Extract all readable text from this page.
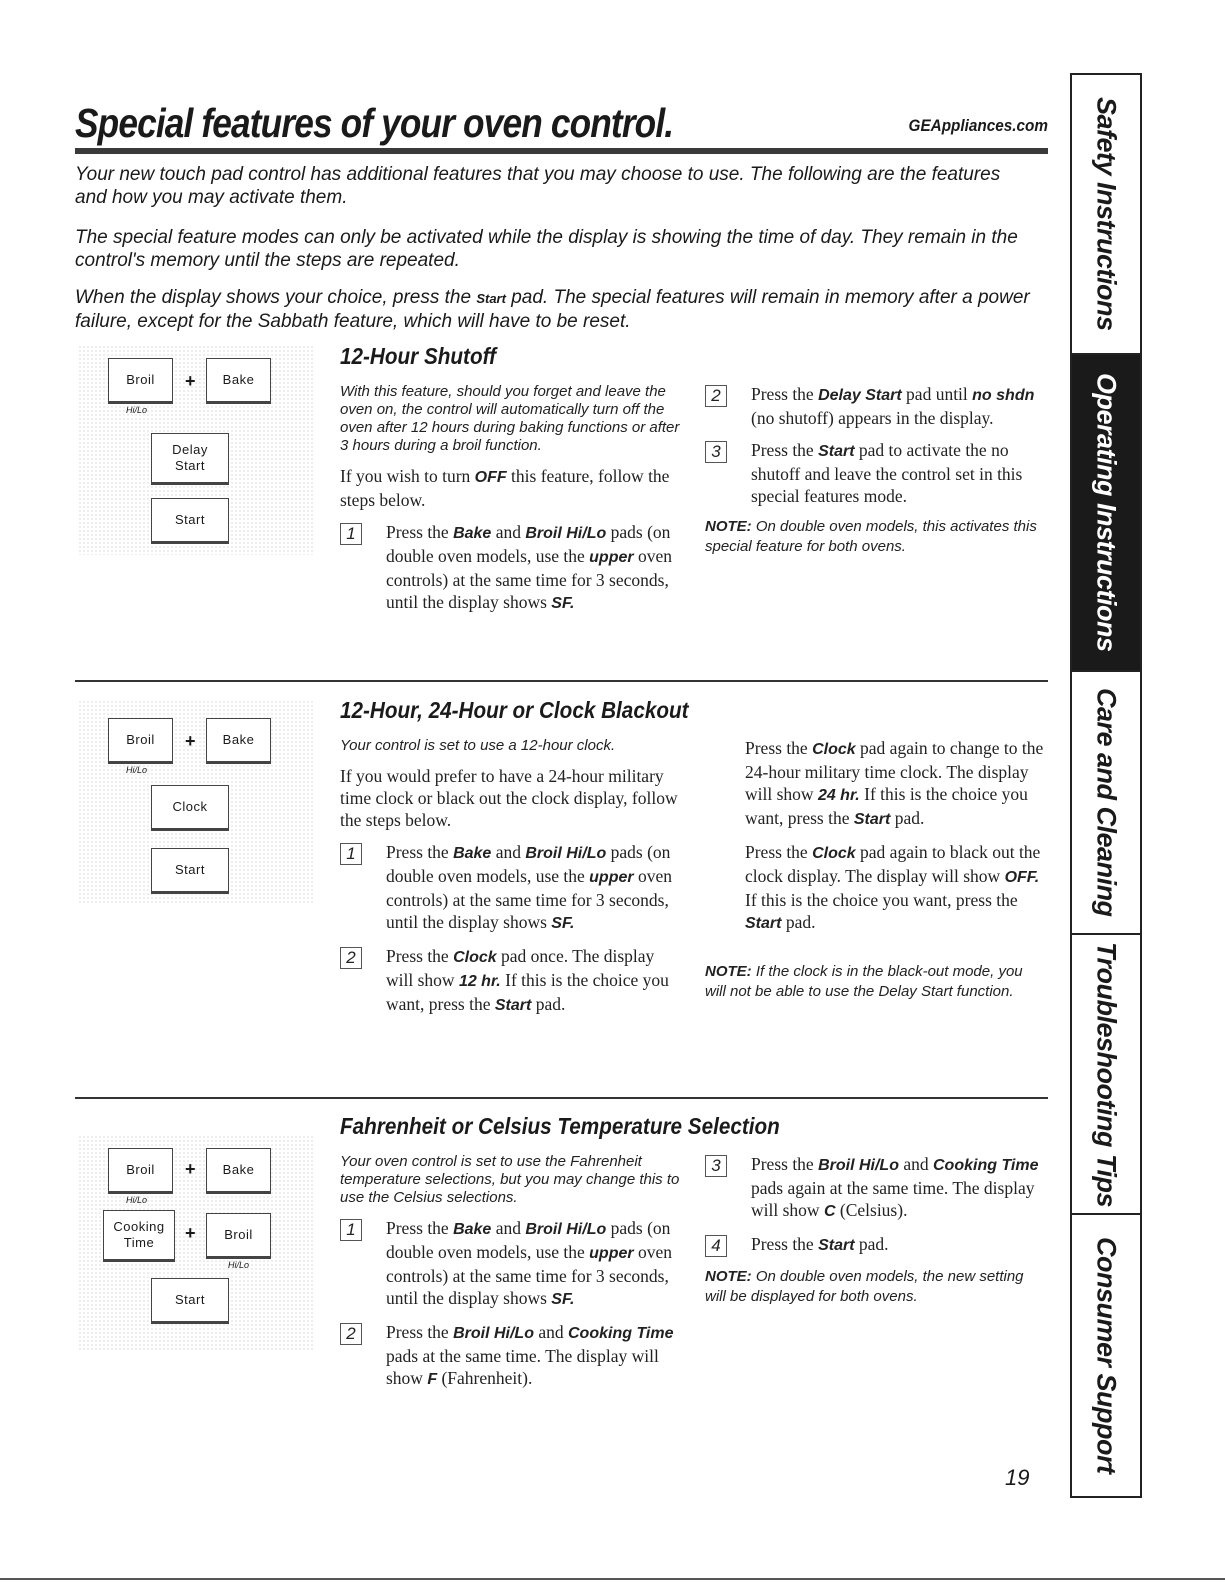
Special features of your oven control.	GEAppliances.com
Your new touch pad control has additional features that you may choose to use. The following are the features and how you may activate them.
The special feature modes can only be activated while the display is showing the time of day. They remain in the control's memory until the steps are repeated.
When the display shows your choice, press the Start pad. The special features will remain in memory after a power failure, except for the Sabbath feature, which will have to be reset.
Broil
Hi/Lo
+ Bake
Delay
Start
Start
12-Hour Shutoff

With this feature, should you forget and leave the oven on, the control will automatically turn off the oven after 12 hours during baking functions or after 3 hours during a broil function.

If you wish to turn OFF this feature, follow the steps below.

1	Press the Bake and Broil Hi/Lo pads (on double oven models, use the upper oven controls) at the same time for 3 seconds, until the display shows SF.
2	Press the Delay Start pad until no shdn (no shutoff) appears in the display.
3	Press the Start pad to activate the no shutoff and leave the control set in this special features mode.

NOTE: On double oven models, this activates this special feature for both ovens.

Broil
Hi/Lo
+ Bake
Clock
Start
12-Hour, 24-Hour or Clock Blackout

Your control is set to use a 12-hour clock.

If you would prefer to have a 24-hour military time clock or black out the clock display, follow the steps below.

1	Press the Bake and Broil Hi/Lo pads (on double oven models, use the upper oven controls) at the same time for 3 seconds, until the display shows SF.
2	Press the Clock pad once. The display will show 12 hr. If this is the choice you want, press the Start pad.

Press the Clock pad again to change to the 24-hour military time clock. The display will show 24 hr. If this is the choice you want, press the Start pad.

Press the Clock pad again to black out the clock display. The display will show OFF. If this is the choice you want, press the Start pad.

NOTE: If the clock is in the black-out mode, you will not be able to use the Delay Start function.

Broil
Hi/Lo
+ Bake
Cooking
Time + Broil
Hi/Lo
Start
Fahrenheit or Celsius Temperature Selection

Your oven control is set to use the Fahrenheit temperature selections, but you may change this to use the Celsius selections.

1	Press the Bake and Broil Hi/Lo pads (on double oven models, use the upper oven controls) at the same time for 3 seconds, until the display shows SF.
2	Press the Broil Hi/Lo and Cooking Time pads at the same time. The display will show F (Fahrenheit).
3	Press the Broil Hi/Lo and Cooking Time pads again at the same time. The display will show C (Celsius).
4	Press the Start pad.

NOTE: On double oven models, the new setting will be displayed for both ovens.

Safety Instructions
Operating Instructions
Care and Cleaning
Troubleshooting Tips
Consumer Support
19
